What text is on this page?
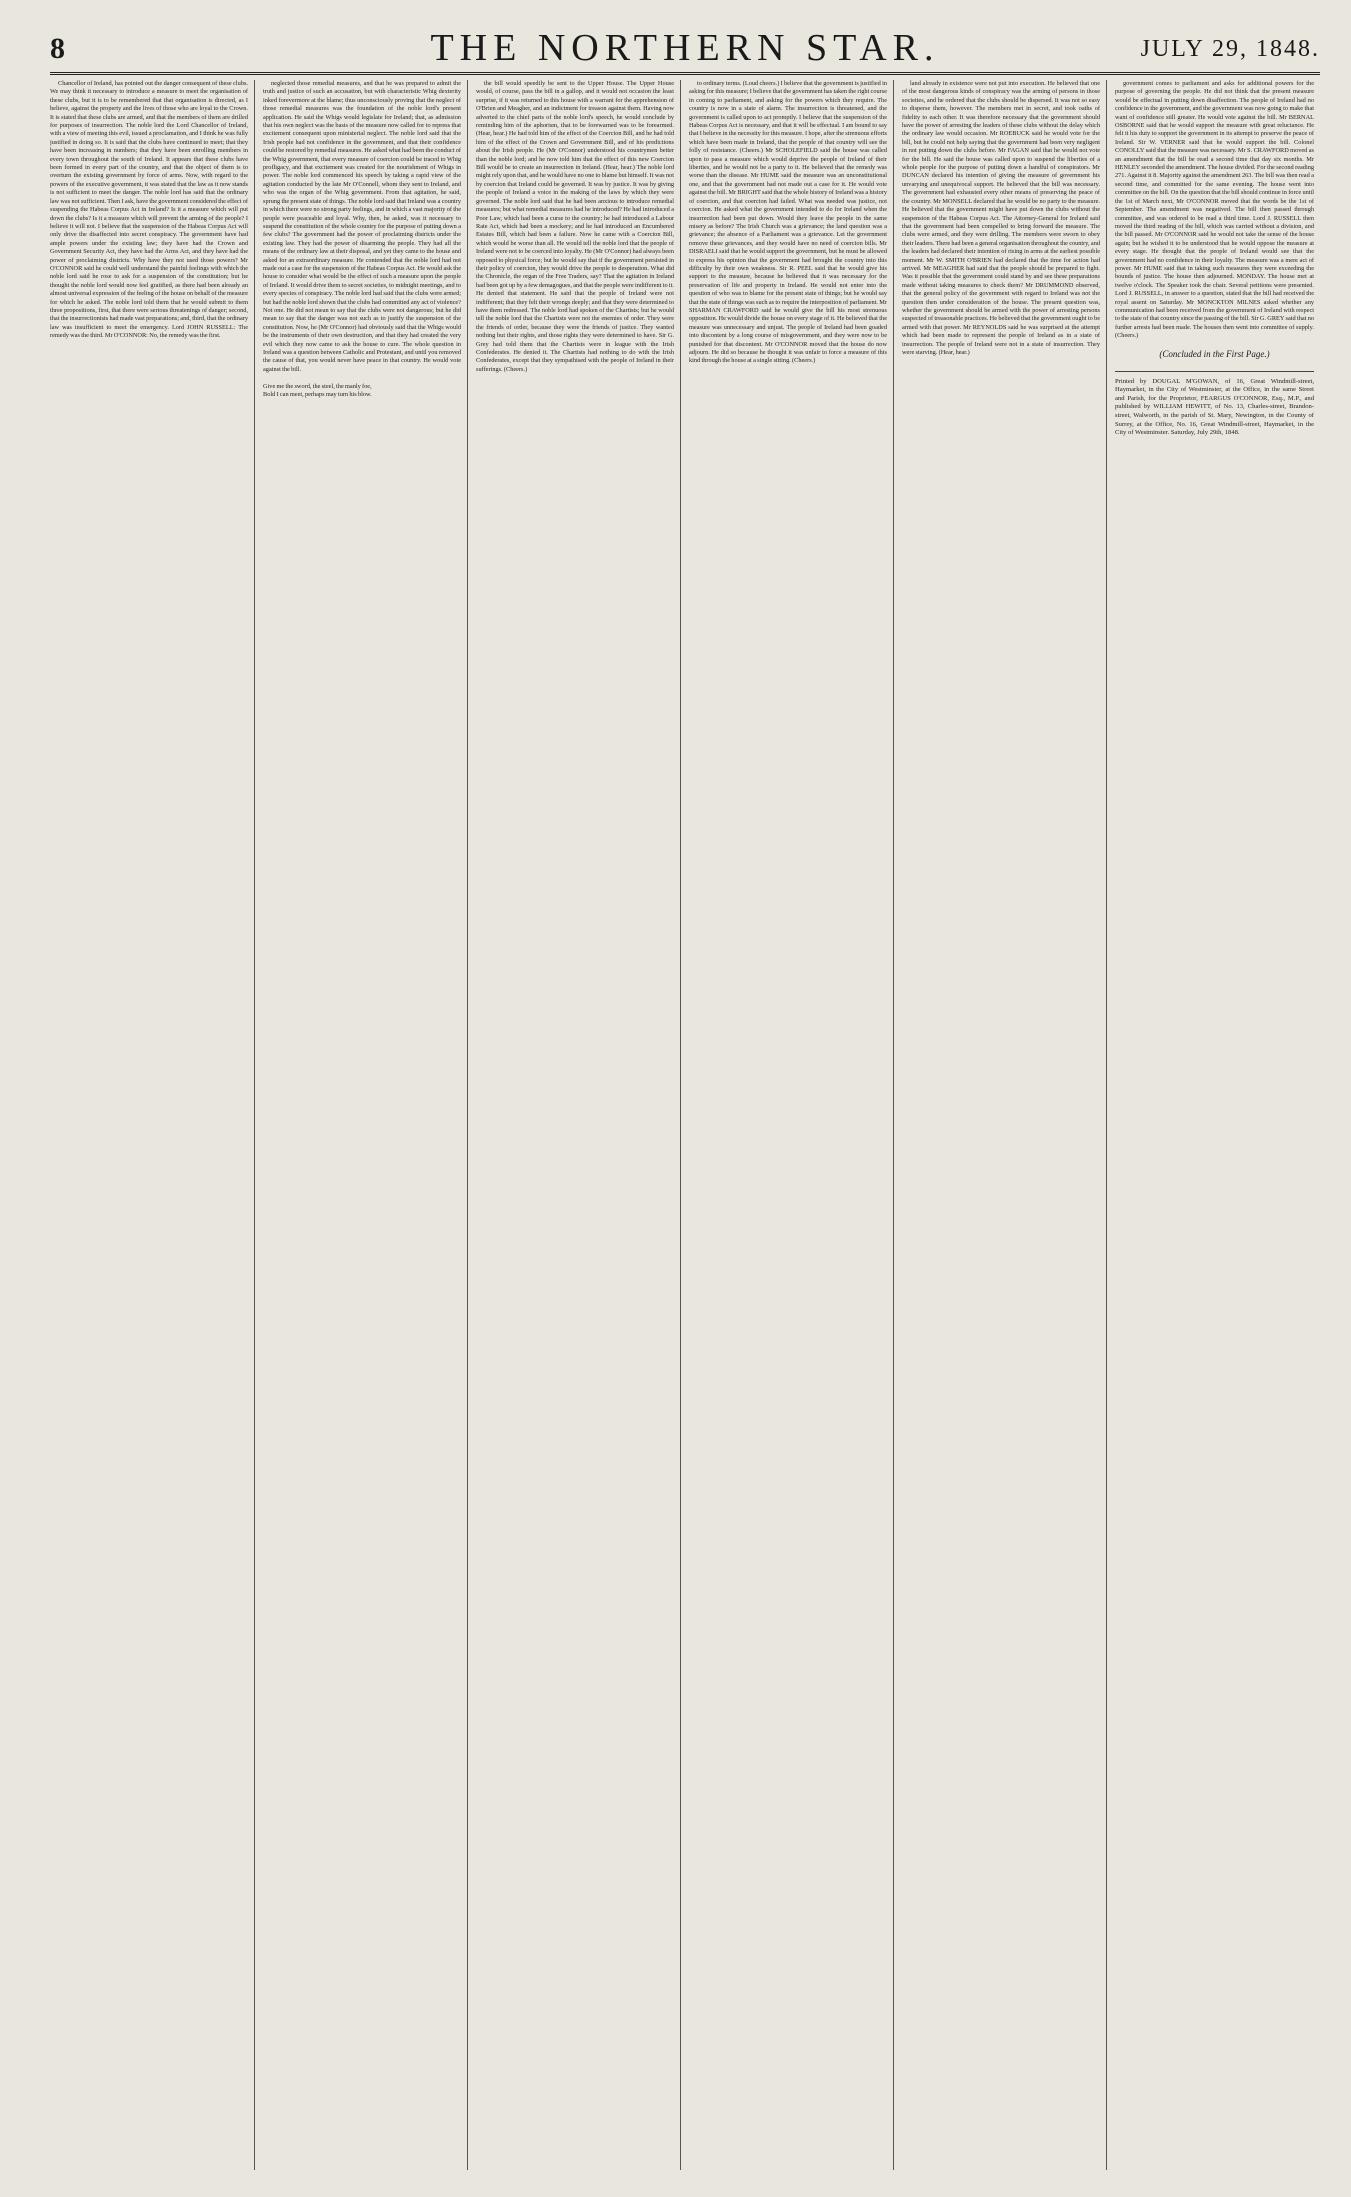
8	THE NORTHERN STAR.	JULY 29, 1848.

Chancellor of Ireland, has pointed out the danger consequent of these clubs. We may think it necessary to introduce a measure to meet the organisation of these clubs, but it is to be remembered that that organisation is directed, as I believe, against the property and the lives of those who are loyal to the Crown. It is stated that these clubs are armed, and that the members of them are drilled for purposes of insurrection. The noble lord the Lord Chancellor of Ireland, with a view of meeting this evil, issued a proclamation, and I think he was fully justified in doing so. It is said that the clubs have continued to meet; that they have been increasing in numbers; that they have been enrolling members in every town throughout the south of Ireland. It appears that these clubs have been formed in every part of the country, and that the object of them is to overturn the existing government by force of arms. Now, with regard to the powers of the executive government, it was stated that the law as it now stands is not sufficient to meet the danger. The noble lord has said that the ordinary law was not sufficient. Then I ask, have the government considered the effect of suspending the Habeas Corpus Act in Ireland? Is it a measure which will put down the clubs? Is it a measure which will prevent the arming of the people? I believe it will not. I believe that the suspension of the Habeas Corpus Act will only drive the disaffected into secret conspiracy. The government have had ample powers under the existing law; they have had the Crown and Government Security Act, they have had the Arms Act, and they have had the power of proclaiming districts. Why have they not used those powers? Mr O'CONNOR said he could well understand the painful feelings with which the noble lord said he rose to ask for a suspension of the constitution; but he thought the noble lord would now feel gratified, as there had been already an almost universal expression of the feeling of the house on behalf of the measure for which he asked. The noble lord told them that he would submit to them three propositions, first, that there were serious threatenings of danger; second, that the insurrectionists had made vast preparations; and, third, that the ordinary law was insufficient to meet the emergency. Lord JOHN RUSSELL: The remedy was the third. Mr O'CONNOR: No, the remedy was the first.

neglected those remedial measures, and that he was prepared to admit the truth and justice of such an accusation, but with characteristic Whig dexterity inked forevermore at the blame; thus unconsciously proving that the neglect of those remedial measures was the foundation of the noble lord's present application. He said the Whigs would legislate for Ireland; that, as admission that his own neglect was the basis of the measure now called for to repress that excitement consequent upon ministerial neglect. The noble lord said that the Irish people had not confidence in the government, and that their confidence could be restored by remedial measures. He asked what had been the conduct of the Whig government, that every measure of coercion could be traced to Whig profligacy, and that excitement was created for the nourishment of Whigs in power. The noble lord commenced his speech by taking a rapid view of the agitation conducted by the late Mr O'Connell, whom they sent to Ireland, and who was the organ of the Whig government. From that agitation, he said, sprung the present state of things. The noble lord said that Ireland was a country in which there were no strong party feelings, and in which a vast majority of the people were peaceable and loyal. Why, then, he asked, was it necessary to suspend the constitution of the whole country for the purpose of putting down a few clubs? The government had the power of proclaiming districts under the existing law. They had the power of disarming the people. They had all the means of the ordinary law at their disposal, and yet they came to the house and asked for an extraordinary measure. He contended that the noble lord had not made out a case for the suspension of the Habeas Corpus Act. He would ask the house to consider what would be the effect of such a measure upon the people of Ireland. It would drive them to secret societies, to midnight meetings, and to every species of conspiracy. The noble lord had said that the clubs were armed; but had the noble lord shown that the clubs had committed any act of violence? Not one. He did not mean to say that the clubs were not dangerous; but he did mean to say that the danger was not such as to justify the suspension of the constitution. Now, he (Mr O'Connor) had obviously said that the Whigs would be the instruments of their own destruction, and that they had created the very evil which they now came to ask the house to cure. The whole question in Ireland was a question between Catholic and Protestant, and until you removed the cause of that, you would never have peace in that country. He would vote against the bill.

Give me the sword, the steel, the manly foe,
Bold I can meet, perhaps may turn his blow.

the bill would speedily be sent to the Upper House. The Upper House would, of course, pass the bill in a gallop, and it would not occasion the least surprise, if it was returned to this house with a warrant for the apprehension of O'Brien and Meagher, and an indictment for treason against them. Having now adverted to the chief parts of the noble lord's speech, he would conclude by reminding him of the aphorism, that to be forewarned was to be forearmed. (Hear, hear.) He had told him of the effect of the Coercion Bill, and he had told him of the effect of the Crown and Government Bill, and of his predictions about the Irish people. He (Mr O'Connor) understood his countrymen better than the noble lord; and he now told him that the effect of this new Coercion Bill would be to create an insurrection in Ireland. (Hear, hear.) The noble lord might rely upon that, and he would have no one to blame but himself. It was not by coercion that Ireland could be governed. It was by justice. It was by giving the people of Ireland a voice in the making of the laws by which they were governed. The noble lord said that he had been anxious to introduce remedial measures; but what remedial measures had he introduced? He had introduced a Poor Law, which had been a curse to the country; he had introduced a Labour Rate Act, which had been a mockery; and he had introduced an Encumbered Estates Bill, which had been a failure. Now he came with a Coercion Bill, which would be worse than all. He would tell the noble lord that the people of Ireland were not to be coerced into loyalty. He (Mr O'Connor) had always been opposed to physical force; but he would say that if the government persisted in their policy of coercion, they would drive the people to desperation. What did the Chronicle, the organ of the Free Traders, say? That the agitation in Ireland had been got up by a few demagogues, and that the people were indifferent to it. He denied that statement. He said that the people of Ireland were not indifferent; that they felt their wrongs deeply; and that they were determined to have them redressed. The noble lord had spoken of the Chartists; but he would tell the noble lord that the Chartists were not the enemies of order. They were the friends of order, because they were the friends of justice. They wanted nothing but their rights, and those rights they were determined to have. Sir G. Grey had told them that the Chartists were in league with the Irish Confederates. He denied it. The Chartists had nothing to do with the Irish Confederates, except that they sympathised with the people of Ireland in their sufferings. (Cheers.)

to ordinary terms. (Loud cheers.) I believe that the government is justified in asking for this measure; I believe that the government has taken the right course in coming to parliament, and asking for the powers which they require. The country is now in a state of alarm. The insurrection is threatened, and the government is called upon to act promptly. I believe that the suspension of the Habeas Corpus Act is necessary, and that it will be effectual. I am bound to say that I believe in the necessity for this measure. I hope, after the strenuous efforts which have been made in Ireland, that the people of that country will see the folly of resistance. (Cheers.) Mr SCHOLEFIELD said the house was called upon to pass a measure which would deprive the people of Ireland of their liberties, and he would not be a party to it. He believed that the remedy was worse than the disease. Mr HUME said the measure was an unconstitutional one, and that the government had not made out a case for it. He would vote against the bill. Mr BRIGHT said that the whole history of Ireland was a history of coercion, and that coercion had failed. What was needed was justice, not coercion. He asked what the government intended to do for Ireland when the insurrection had been put down. Would they leave the people in the same misery as before? The Irish Church was a grievance; the land question was a grievance; the absence of a Parliament was a grievance. Let the government remove these grievances, and they would have no need of coercion bills. Mr DISRAELI said that he would support the government, but he must be allowed to express his opinion that the government had brought the country into this difficulty by their own weakness. Sir R. PEEL said that he would give his support to the measure, because he believed that it was necessary for the preservation of life and property in Ireland. He would not enter into the question of who was to blame for the present state of things; but he would say that the state of things was such as to require the interposition of parliament. Mr SHARMAN CRAWFORD said he would give the bill his most strenuous opposition. He would divide the house on every stage of it. He believed that the measure was unnecessary and unjust. The people of Ireland had been goaded into discontent by a long course of misgovernment, and they were now to be punished for that discontent. Mr O'CONNOR moved that the house do now adjourn. He did so because he thought it was unfair to force a measure of this kind through the house at a single sitting. (Cheers.)

land already in existence were not put into execution. He believed that one of the most dangerous kinds of conspiracy was the arming of persons in those societies, and he ordered that the clubs should be dispersed. It was not so easy to disperse them, however. The members met in secret, and took oaths of fidelity to each other. It was therefore necessary that the government should have the power of arresting the leaders of these clubs without the delay which the ordinary law would occasion. Mr ROEBUCK said he would vote for the bill, but he could not help saying that the government had been very negligent in not putting down the clubs before. Mr FAGAN said that he would not vote for the bill. He said the house was called upon to suspend the liberties of a whole people for the purpose of putting down a handful of conspirators. Mr DUNCAN declared his intention of giving the measure of government his unvarying and unequivocal support. He believed that the bill was necessary. The government had exhausted every other means of preserving the peace of the country. Mr MONSELL declared that he would be no party to the measure. He believed that the government might have put down the clubs without the suspension of the Habeas Corpus Act. The Attorney-General for Ireland said that the government had been compelled to bring forward the measure. The clubs were armed, and they were drilling. The members were sworn to obey their leaders. There had been a general organisation throughout the country, and the leaders had declared their intention of rising in arms at the earliest possible moment. Mr W. SMITH O'BRIEN had declared that the time for action had arrived. Mr MEAGHER had said that the people should be prepared to fight. Was it possible that the government could stand by and see these preparations made without taking measures to check them? Mr DRUMMOND observed, that the general policy of the government with regard to Ireland was not the question then under consideration of the house. The present question was, whether the government should be armed with the power of arresting persons suspected of treasonable practices. He believed that the government ought to be armed with that power. Mr REYNOLDS said he was surprised at the attempt which had been made to represent the people of Ireland as in a state of insurrection. The people of Ireland were not in a state of insurrection. They were starving. (Hear, hear.)

government comes to parliament and asks for additional powers for the purpose of governing the people. He did not think that the present measure would be effectual in putting down disaffection. The people of Ireland had no confidence in the government, and the government was now going to make that want of confidence still greater. He would vote against the bill. Mr BERNAL OSBORNE said that he would support the measure with great reluctance. He felt it his duty to support the government in its attempt to preserve the peace of Ireland. Sir W. VERNER said that he would support the bill. Colonel CONOLLY said that the measure was necessary. Mr S. CRAWFORD moved as an amendment that the bill be read a second time that day six months. Mr HENLEY seconded the amendment. The house divided. For the second reading 271. Against it 8. Majority against the amendment 263. The bill was then read a second time, and committed for the same evening. The house went into committee on the bill. On the question that the bill should continue in force until the 1st of March next, Mr O'CONNOR moved that the words be the 1st of September. The amendment was negatived. The bill then passed through committee, and was ordered to be read a third time. Lord J. RUSSELL then moved the third reading of the bill, which was carried without a division, and the bill passed. Mr O'CONNOR said he would not take the sense of the house again; but he wished it to be understood that he would oppose the measure at every stage. He thought that the people of Ireland would see that the government had no confidence in their loyalty. The measure was a mere act of power. Mr HUME said that in taking such measures they were exceeding the bounds of justice. The house then adjourned. MONDAY. The house met at twelve o'clock. The Speaker took the chair. Several petitions were presented. Lord J. RUSSELL, in answer to a question, stated that the bill had received the royal assent on Saturday. Mr MONCKTON MILNES asked whether any communication had been received from the government of Ireland with respect to the state of that country since the passing of the bill. Sir G. GREY said that no further arrests had been made. The houses then went into committee of supply. (Cheers.)

(Concluded in the First Page.)
Printed by DOUGAL M'GOWAN, of 16, Great Windmill-street, Haymarket, in the City of Westminster, at the Office, in the same Street and Parish, for the Proprietor, FEARGUS O'CONNOR, Esq., M.P., and published by WILLIAM HEWITT, of No. 13, Charles-street, Brandon-street, Walworth, in the parish of St. Mary, Newington, in the County of Surrey, at the Office, No. 16, Great Windmill-street, Haymarket, in the City of Westminster. Saturday, July 29th, 1848.
